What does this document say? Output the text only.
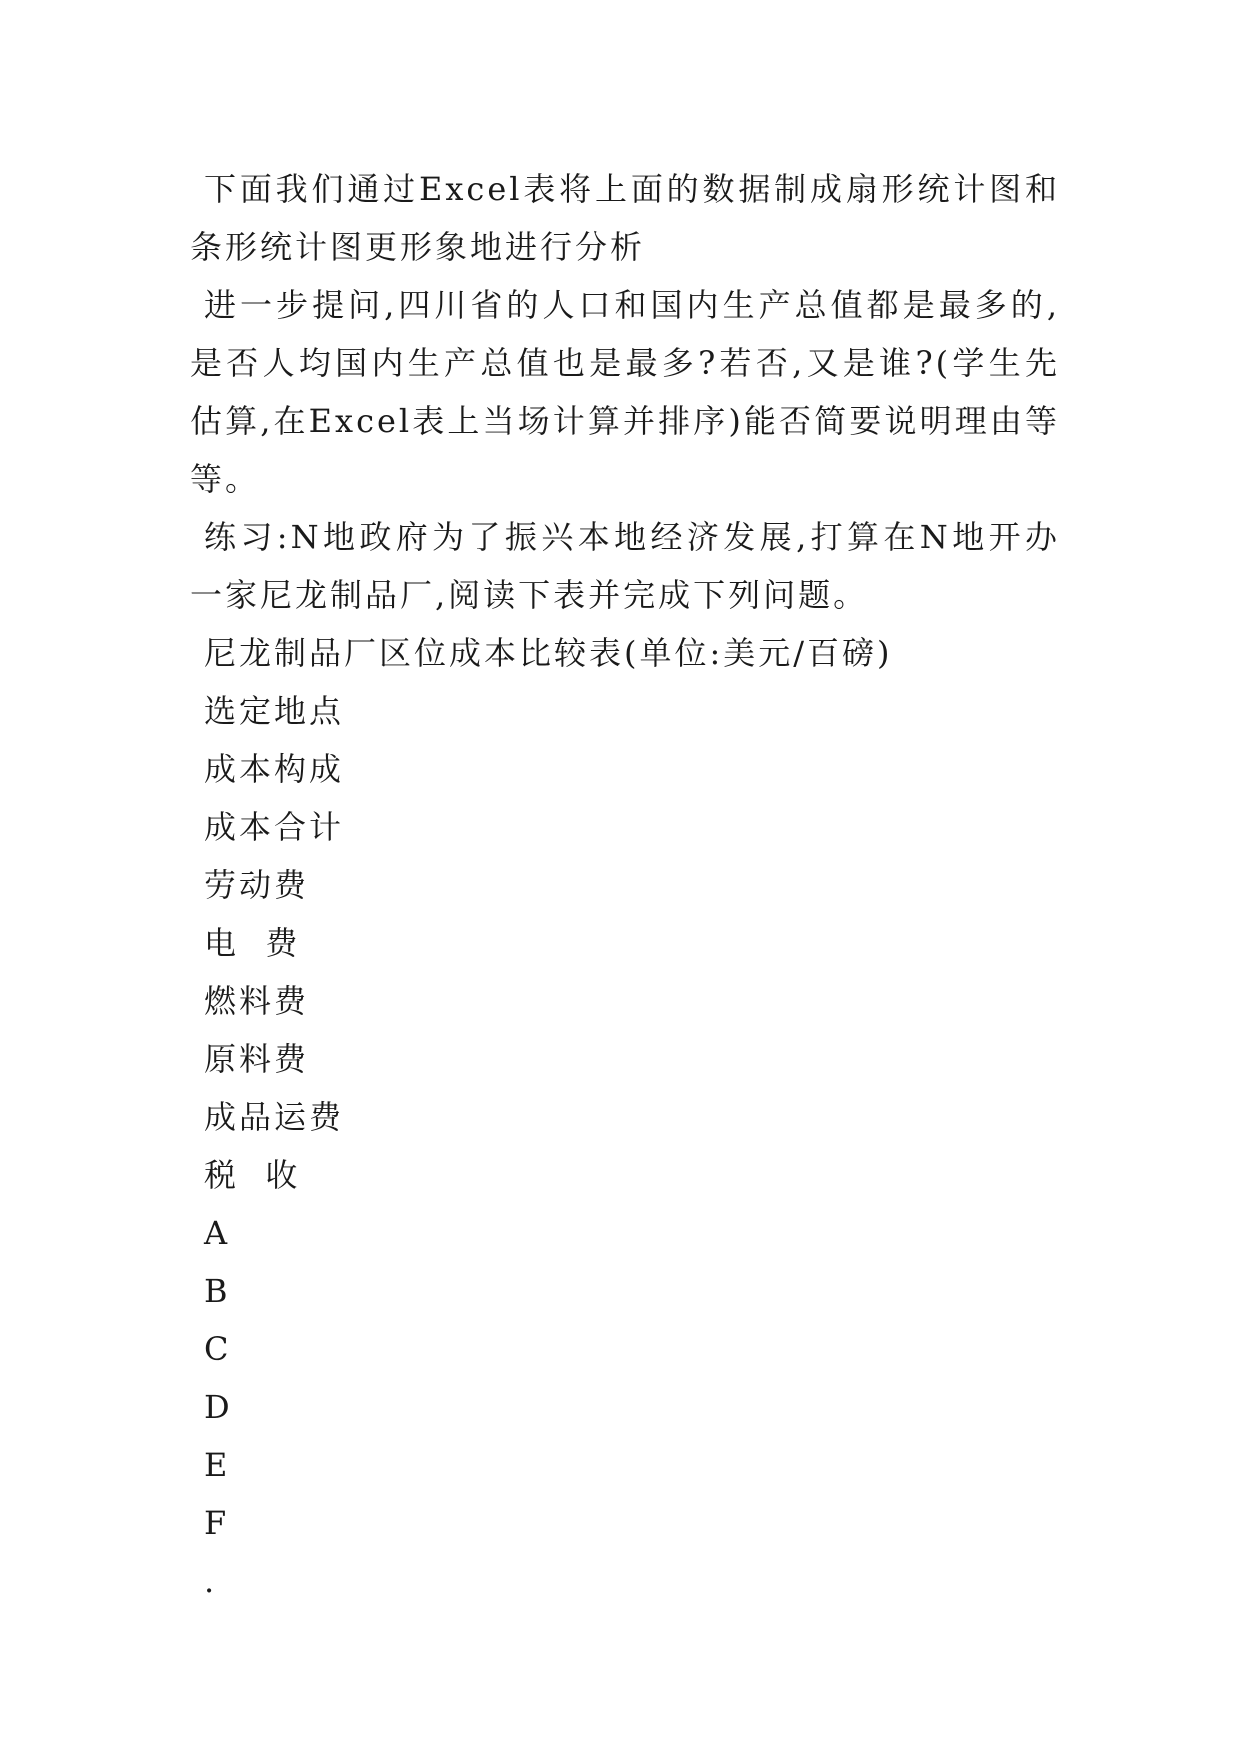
下面我们通过Excel表将上面的数据制成扇形统计图和条形统计图更形象地进行分析

进一步提问,四川省的人口和国内生产总值都是最多的,是否人均国内生产总值也是最多?若否,又是谁?(学生先估算,在Excel表上当场计算并排序)能否简要说明理由等等。

练习:N地政府为了振兴本地经济发展,打算在N地开办一家尼龙制品厂,阅读下表并完成下列问题。

尼龙制品厂区位成本比较表(单位:美元/百磅)
选定地点
成本构成
成本合计
劳动费
电  费
燃料费
原料费
成品运费
税  收
A
B
C
D
E
F
.
